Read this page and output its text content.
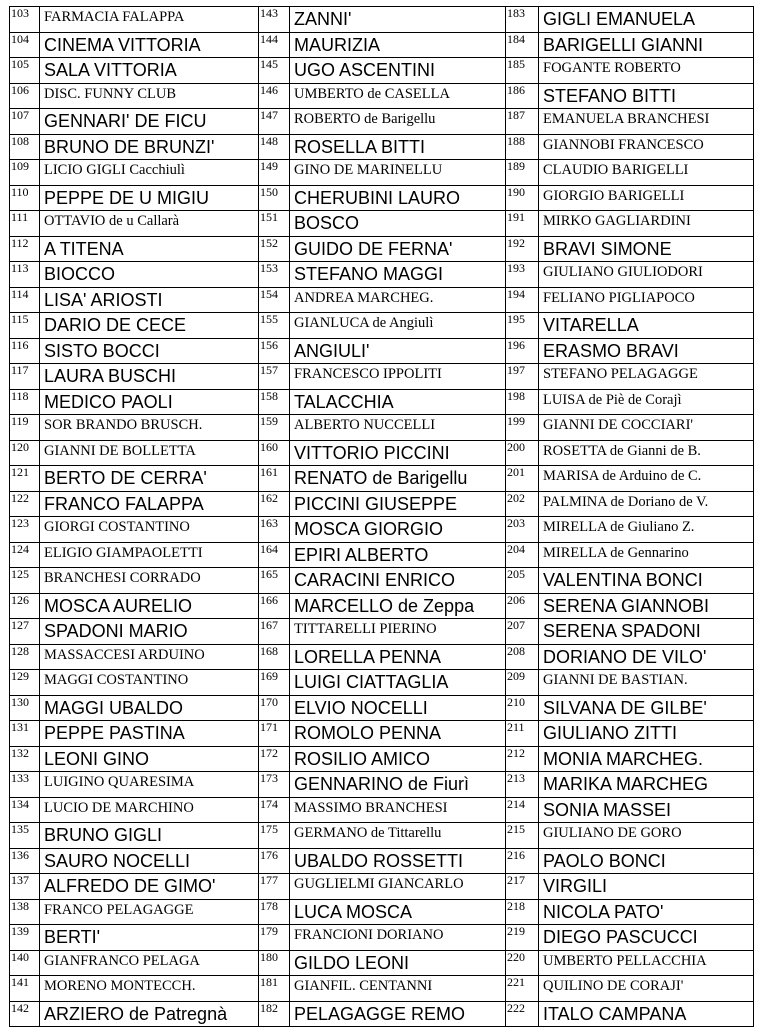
103	FARMACIA FALAPPA	143	ZANNI'	183	GIGLI EMANUELA
104	CINEMA VITTORIA	144	MAURIZIA	184	BARIGELLI GIANNI
105	SALA VITTORIA	145	UGO ASCENTINI	185	FOGANTE ROBERTO
106	DISC. FUNNY CLUB	146	UMBERTO de CASELLA	186	STEFANO BITTI
107	GENNARI' DE FICU	147	ROBERTO de Barigellu	187	EMANUELA BRANCHESI
108	BRUNO DE BRUNZI'	148	ROSELLA BITTI	188	GIANNOBI FRANCESCO
109	LICIO GIGLI Cacchiulì	149	GINO DE MARINELLU	189	CLAUDIO BARIGELLI
110	PEPPE DE U MIGIU	150	CHERUBINI LAURO	190	GIORGIO BARIGELLI
111	OTTAVIO de u Callarà	151	BOSCO	191	MIRKO GAGLIARDINI
112	A TITENA	152	GUIDO DE FERNA'	192	BRAVI SIMONE
113	BIOCCO	153	STEFANO MAGGI	193	GIULIANO GIULIODORI
114	LISA' ARIOSTI	154	ANDREA MARCHEG.	194	FELIANO PIGLIAPOCO
115	DARIO DE CECE	155	GIANLUCA de Angiulì	195	VITARELLA
116	SISTO BOCCI	156	ANGIULI'	196	ERASMO BRAVI
117	LAURA BUSCHI	157	FRANCESCO IPPOLITI	197	STEFANO PELAGAGGE
118	MEDICO PAOLI	158	TALACCHIA	198	LUISA de Piè de Corajì
119	SOR BRANDO BRUSCH.	159	ALBERTO NUCCELLI	199	GIANNI DE COCCIARI'
120	GIANNI DE BOLLETTA	160	VITTORIO PICCINI	200	ROSETTA de Gianni de B.
121	BERTO DE CERRA'	161	RENATO de Barigellu	201	MARISA de Arduino de C.
122	FRANCO FALAPPA	162	PICCINI GIUSEPPE	202	PALMINA de Doriano de V.
123	GIORGI COSTANTINO	163	MOSCA GIORGIO	203	MIRELLA de Giuliano Z.
124	ELIGIO GIAMPAOLETTI	164	EPIRI ALBERTO	204	MIRELLA de Gennarino
125	BRANCHESI CORRADO	165	CARACINI ENRICO	205	VALENTINA BONCI
126	MOSCA AURELIO	166	MARCELLO de Zeppa	206	SERENA GIANNOBI
127	SPADONI MARIO	167	TITTARELLI PIERINO	207	SERENA SPADONI
128	MASSACCESI ARDUINO	168	LORELLA PENNA	208	DORIANO DE VILO'
129	MAGGI COSTANTINO	169	LUIGI CIATTAGLIA	209	GIANNI DE BASTIAN.
130	MAGGI UBALDO	170	ELVIO NOCELLI	210	SILVANA DE GILBE'
131	PEPPE PASTINA	171	ROMOLO PENNA	211	GIULIANO ZITTI
132	LEONI GINO	172	ROSILIO AMICO	212	MONIA MARCHEG.
133	LUIGINO QUARESIMA	173	GENNARINO de Fiurì	213	MARIKA MARCHEG
134	LUCIO DE MARCHINO	174	MASSIMO BRANCHESI	214	SONIA MASSEI
135	BRUNO GIGLI	175	GERMANO de Tittarellu	215	GIULIANO DE GORO
136	SAURO NOCELLI	176	UBALDO ROSSETTI	216	PAOLO BONCI
137	ALFREDO DE GIMO'	177	GUGLIELMI GIANCARLO	217	VIRGILI
138	FRANCO PELAGAGGE	178	LUCA MOSCA	218	NICOLA PATO'
139	BERTI'	179	FRANCIONI DORIANO	219	DIEGO PASCUCCI
140	GIANFRANCO PELAGA	180	GILDO LEONI	220	UMBERTO PELLACCHIA
141	MORENO MONTECCH.	181	GIANFIL. CENTANNI	221	QUILINO DE CORAJI'
142	ARZIERO de Patregnà	182	PELAGAGGE REMO	222	ITALO CAMPANA
